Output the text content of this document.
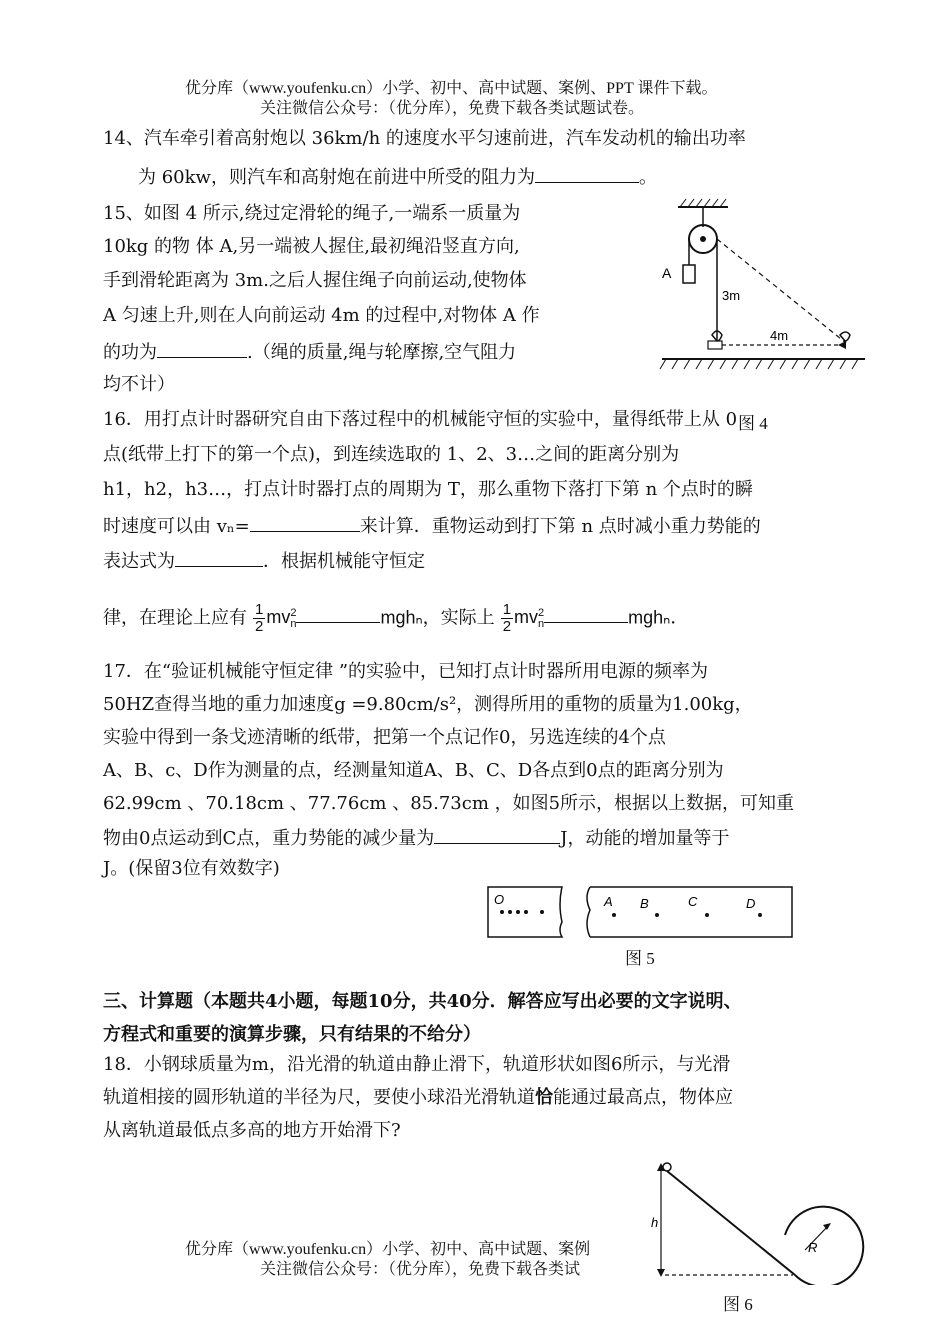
优分库（www.youfenku.cn）小学、初中、高中试题、案例、PPT 课件下载。
关注微信公众号：（优分库），免费下载各类试题试卷。
14、汽车牵引着高射炮以 36km/h 的速度水平匀速前进，汽车发动机的输出功率
为 60kw，则汽车和高射炮在前进中所受的阻力为	。
15、如图 4 所示,绕过定滑轮的绳子,一端系一质量为
10kg 的物 体 A,另一端被人握住,最初绳沿竖直方向,
手到滑轮距离为 3m.之后人握住绳子向前运动,使物体
A 匀速上升,则在人向前运动 4m 的过程中,对物体 A 作
的功为	.（绳的质量,绳与轮摩擦,空气阻力
均不计）
A
3m
4m
图 4
16．用打点计时器研究自由下落过程中的机械能守恒的实验中，量得纸带上从 0
点(纸带上打下的第一个点)，到连续选取的 1、2、3…之间的距离分别为
h1，h2，h3…，打点计时器打点的周期为 T，那么重物下落打下第 n 个点时的瞬
时速度可以由 vₙ=	来计算．重物运动到打下第 n 点时减小重力势能的
表达式为	．根据机械能守恒定
律，在理论上应有 $\frac{1}{2}$ mv 2
n	mghₙ，实际上 $\frac{1}{2}$ mv 2
n	mghₙ．
17．在“验证机械能守恒定律 ”的实验中，已知打点计时器所用电源的频率为
50HZ查得当地的重力加速度g =9.80cm/s²，测得所用的重物的质量为1.00kg，
实验中得到一条戈迹清晰的纸带，把第一个点记作0，另选连续的4个点
A、B、c、D作为测量的点，经测量知道A、B、C、D各点到0点的距离分别为
62.99cm 、70.18cm 、77.76cm 、85.73cm ，如图5所示，根据以上数据，可知重
物由0点运动到C点，重力势能的减少量为	J，动能的增加量等于
J。(保留3位有效数字)
O	A B	C	D
图 5
三、计算题（本题共4小题，每题10分，共40分．解答应写出必要的文字说明、
方程式和重要的演算步骤，只有结果的不给分）
18．小钢球质量为m，沿光滑的轨道由静止滑下，轨道形状如图6所示，与光滑
轨道相接的圆形轨道的半径为尺，要使小球沿光滑轨道恰能通过最高点，物体应
从离轨道最低点多高的地方开始滑下?
h
R
图 6
优分库（www.youfenku.cn）小学、初中、高中试题、案例
关注微信公众号：（优分库），免费下载各类试
